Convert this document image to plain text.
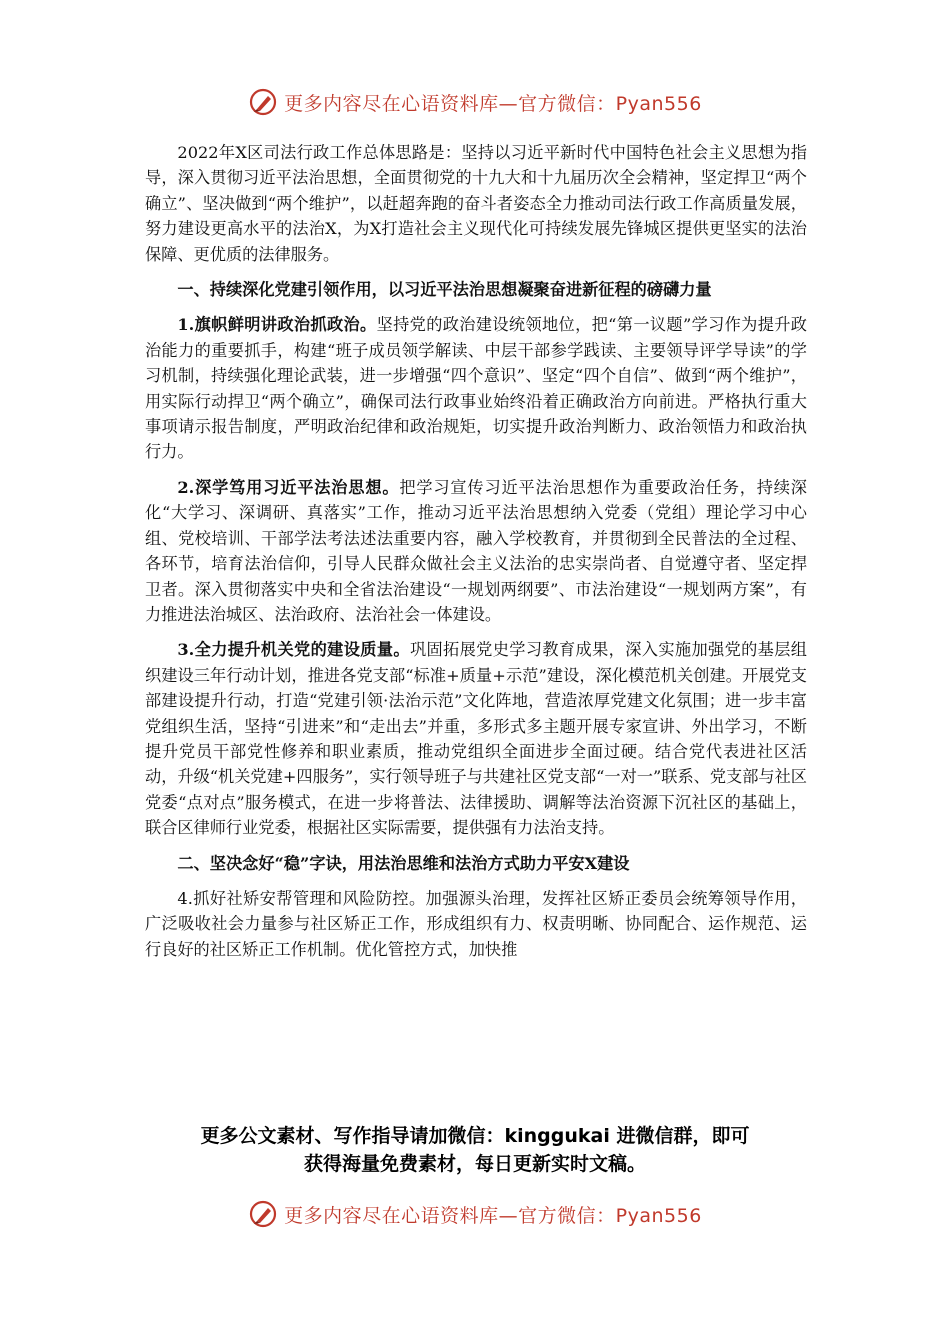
更多内容尽在心语资料库—官方微信：Pyan556

2022年X区司法行政工作总体思路是：坚持以习近平新时代中国特色社会主义思想为指导，深入贯彻习近平法治思想，全面贯彻党的十九大和十九届历次全会精神，坚定捍卫“两个确立”、坚决做到“两个维护”，以赶超奔跑的奋斗者姿态全力推动司法行政工作高质量发展，努力建设更高水平的法治X，为X打造社会主义现代化可持续发展先锋城区提供更坚实的法治保障、更优质的法律服务。

一、持续深化党建引领作用，以习近平法治思想凝聚奋进新征程的磅礴力量

1.旗帜鲜明讲政治抓政治。坚持党的政治建设统领地位，把“第一议题”学习作为提升政治能力的重要抓手，构建“班子成员领学解读、中层干部参学践读、主要领导评学导读”的学习机制，持续强化理论武装，进一步增强“四个意识”、坚定“四个自信”、做到“两个维护”，用实际行动捍卫“两个确立”，确保司法行政事业始终沿着正确政治方向前进。严格执行重大事项请示报告制度，严明政治纪律和政治规矩，切实提升政治判断力、政治领悟力和政治执行力。

2.深学笃用习近平法治思想。把学习宣传习近平法治思想作为重要政治任务，持续深化“大学习、深调研、真落实”工作，推动习近平法治思想纳入党委（党组）理论学习中心组、党校培训、干部学法考法述法重要内容，融入学校教育，并贯彻到全民普法的全过程、各环节，培育法治信仰，引导人民群众做社会主义法治的忠实崇尚者、自觉遵守者、坚定捍卫者。深入贯彻落实中央和全省法治建设“一规划两纲要”、市法治建设“一规划两方案”，有力推进法治城区、法治政府、法治社会一体建设。

3.全力提升机关党的建设质量。巩固拓展党史学习教育成果，深入实施加强党的基层组织建设三年行动计划，推进各党支部“标准+质量+示范”建设，深化模范机关创建。开展党支部建设提升行动，打造“党建引领·法治示范”文化阵地，营造浓厚党建文化氛围；进一步丰富党组织生活，坚持“引进来”和“走出去”并重，多形式多主题开展专家宣讲、外出学习，不断提升党员干部党性修养和职业素质，推动党组织全面进步全面过硬。结合党代表进社区活动，升级“机关党建+四服务”，实行领导班子与共建社区党支部“一对一”联系、党支部与社区党委“点对点”服务模式，在进一步将普法、法律援助、调解等法治资源下沉社区的基础上，联合区律师行业党委，根据社区实际需要，提供强有力法治支持。

二、坚决念好“稳”字诀，用法治思维和法治方式助力平安X建设

4.抓好社矫安帮管理和风险防控。加强源头治理，发挥社区矫正委员会统筹领导作用，广泛吸收社会力量参与社区矫正工作，形成组织有力、权责明晰、协同配合、运作规范、运行良好的社区矫正工作机制。优化管控方式，加快推

更多公文素材、写作指导请加微信：kinggukai 进微信群，即可
获得海量免费素材，每日更新实时文稿。
更多内容尽在心语资料库—官方微信：Pyan556
